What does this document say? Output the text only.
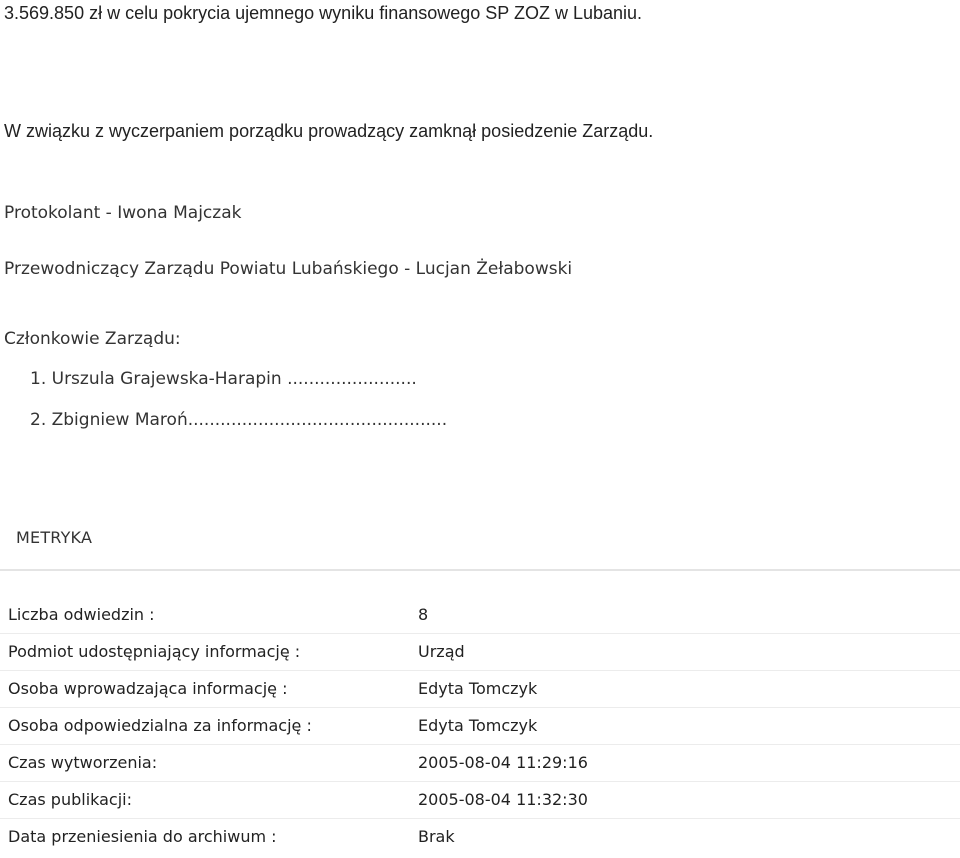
3.569.850 zł w celu pokrycia ujemnego wyniku finansowego SP ZOZ w Lubaniu.
W związku z wyczerpaniem porządku prowadzący zamknął posiedzenie Zarządu.
Protokolant - Iwona Majczak
Przewodniczący Zarządu Powiatu Lubańskiego - Lucjan Żełabowski
Członkowie Zarządu:
1. Urszula Grajewska-Harapin ........................
2. Zbigniew Maroń................................................
METRYKA
Liczba odwiedzin :	8
Podmiot udostępniający informację :	Urząd
Osoba wprowadzająca informację :	Edyta Tomczyk
Osoba odpowiedzialna za informację :	Edyta Tomczyk
Czas wytworzenia:	2005-08-04 11:29:16
Czas publikacji:	2005-08-04 11:32:30
Data przeniesienia do archiwum :	Brak
